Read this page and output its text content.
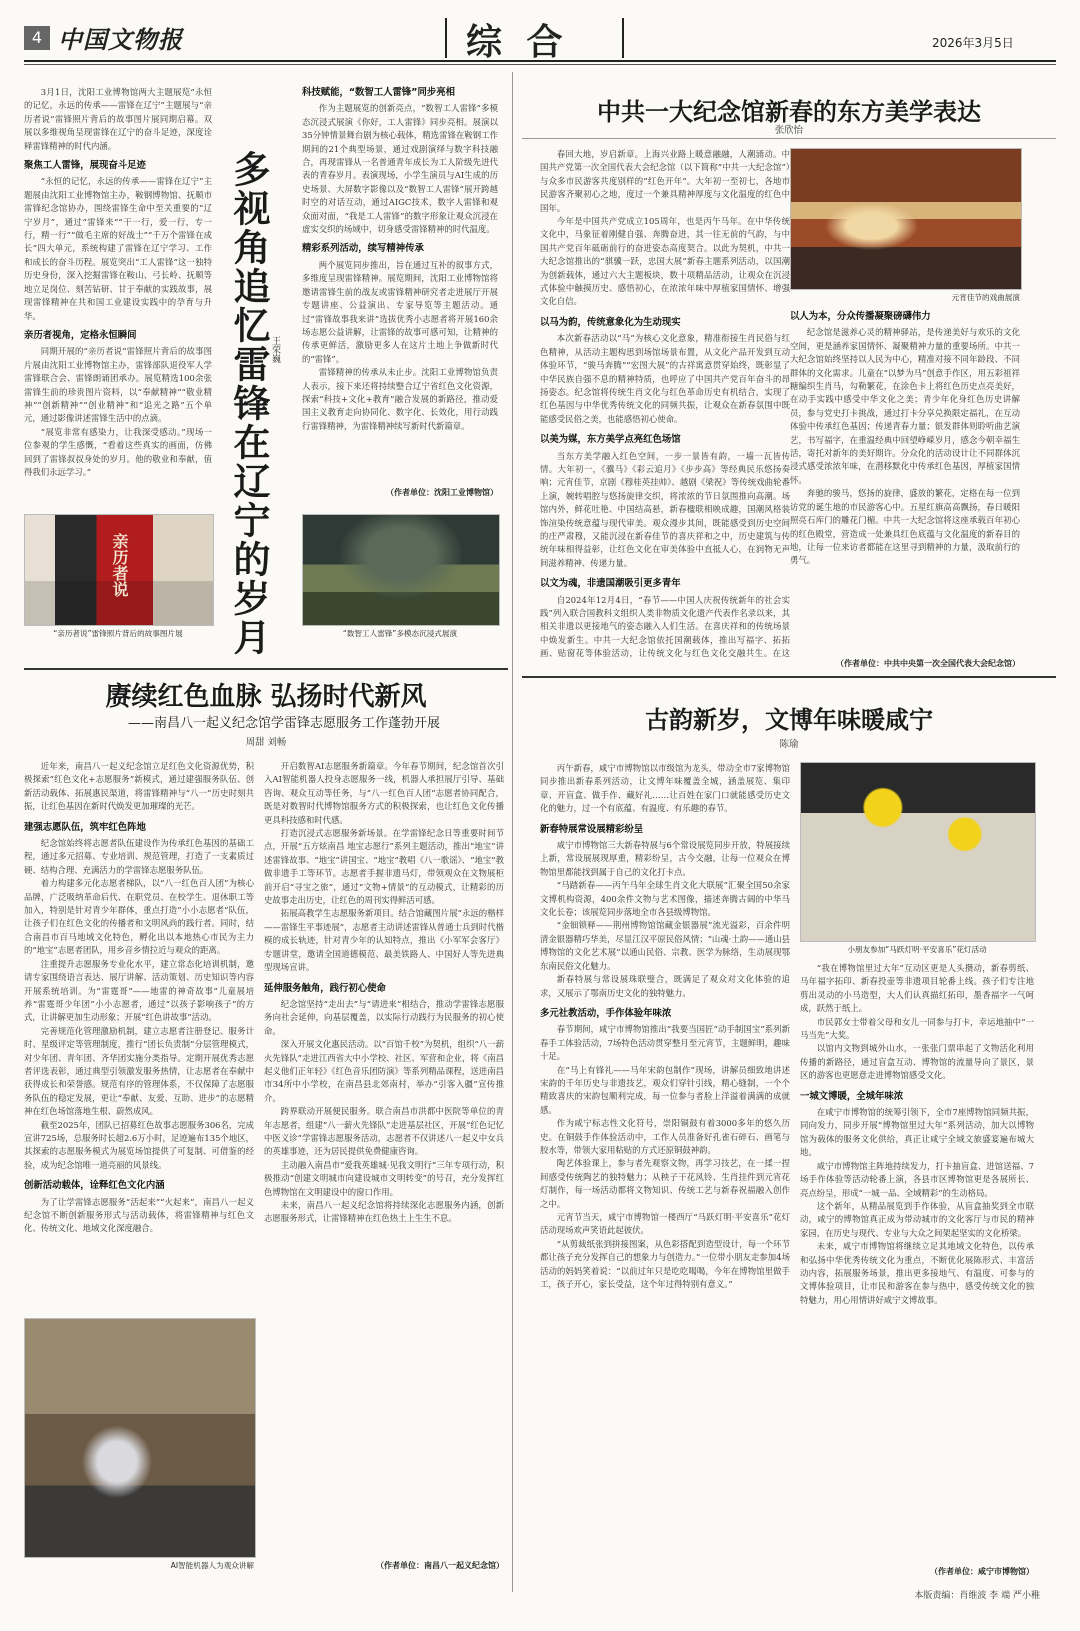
4 中国文物报	综 合	2026年3月5日

3月1日，沈阳工业博物馆两大主题展览“永恒的记忆，永远的传承——雷锋在辽宁”主题展与“亲历者说”雷锋照片背后的故事图片展同期启幕。双展以多维视角呈现雷锋在辽宁的奋斗足迹，深度诠释雷锋精神的时代内涵。

聚焦工人雷锋，展现奋斗足迹

“永恒的记忆，永远的传承——雷锋在辽宁”主题展由沈阳工业博物馆主办，鞍钢博物馆、抚顺市雷锋纪念馆协办，围绕雷锋生命中至关重要的“辽宁岁月”，通过“雷锋来”“干一行，爱一行，专一行，精一行”“做毛主席的好战士”“千万个雷锋在成长”四大单元，系统构建了雷锋在辽宁学习、工作和成长的奋斗历程。展览突出“工人雷锋”这一独特历史身份，深入挖掘雷锋在鞍山、弓长岭、抚顺等地立足岗位、刻苦钻研、甘于奉献的实践故事，展现雷锋精神在共和国工业建设实践中的孕育与升华。

亲历者视角，定格永恒瞬间

同期开展的“亲历者说”雷锋照片背后的故事图片展由沈阳工业博物馆主办，雷锋部队退役军人学雷锋联合会、雷锋朗诵团承办。展览精选100余张雷锋生前的珍贵图片资料，以“奉献精神”“敬业精神”“创新精神”“创业精神”和“追光之路”五个单元，通过影像讲述雷锋生活中的点滴。

“展览非常有感染力，让我深受感动。”现场一位参观的学生感慨，“看着这些真实的画面，仿佛回到了雷锋叔叔身处的岁月。他的敬业和奉献，值得我们永远学习。”	多视角追忆雷锋在辽宁的岁月 王荣巍
科技赋能，“数智工人雷锋”同步亮相

作为主题展览的创新亮点，“数智工人雷锋”多模态沉浸式展演《你好，工人雷锋》同步亮相。展演以35分钟情景舞台剧为核心载体，精选雷锋在鞍钢工作期间的21个典型场景，通过戏剧演绎与数字科技融合，再现雷锋从一名普通青年成长为工人阶级先进代表的青春岁月。表演现场，小学生演员与AI生成的历史场景、大屏数字影像以及“数智工人雷锋”展开跨越时空的对话互动，通过AIGC技术，数字人雷锋和观众面对面，“我是工人雷锋”的数字形象让观众沉浸在虚实交织的场域中，切身感受雷锋精神的时代温度。

精彩系列活动，续写精神传承

两个展览同步推出，旨在通过互补的叙事方式，多维度呈现雷锋精神。展览期间，沈阳工业博物馆将邀请雷锋生前的战友或雷锋精神研究者走进展厅开展专题讲座、公益演出、专家导览等主题活动。通过“雷锋故事我来讲”选拔优秀小志愿者将开展160余场志愿公益讲解，让雷锋的故事可感可知，让精神的传承更鲜活，激励更多人在这片土地上争做新时代的“雷锋”。

雷锋精神的传承从未止步。沈阳工业博物馆负责人表示，接下来还将持续整合辽宁省红色文化资源，探索“科技+文化+教育”融合发展的新路径，推动爱国主义教育走向协同化、数字化、长效化，用行动践行雷锋精神，为雷锋精神续写新时代新篇章。

（作者单位：沈阳工业博物馆）
亲历者说
“亲历者说”雷锋照片背后的故事图片展	“数智工人雷锋”多模态沉浸式展演
中共一大纪念馆新春的东方美学表达
张欣怡

春回大地，岁启新章。上海兴业路上暖意融融，人潮涌动。中国共产党第一次全国代表大会纪念馆（以下简称“中共一大纪念馆”）与众多市民游客共度别样的“红色开年”。大年初一至初七，各地市民游客齐聚初心之地，度过一个兼具精神厚度与文化温度的红色中国年。

今年是中国共产党成立105周年，也是丙午马年。在中华传统文化中，马象征着刚健自强、奔腾奋进，其一往无前的气韵，与中国共产党百年砥砺前行的奋进姿态高度契合。以此为契机，中共一大纪念馆推出的“骐骥一跃，忠国大展”新春主题系列活动，以国潮为创新载体，通过六大主题板块，数十项精品活动，让观众在沉浸式体验中触摸历史、感悟初心，在浓浓年味中厚植家国情怀、增强文化自信。

以马为韵，传统意象化为生动现实

本次新春活动以“马”为核心文化意象，精准衔接生肖民俗与红色精神，从活动主题构思到场馆场景布置，从文化产品开发到互动体验环节，“骏马奔腾”“宏图大展”的古祥寓意贯穿始终，既彰显了中华民族自强不息的精神特质，也呼应了中国共产党百年奋斗的昂扬姿态。纪念馆将传统生肖文化与红色革命历史有机结合，实现了红色基因与中华优秀传统文化的同频共振，让观众在新春氛围中既能感受民俗之美，也能感悟初心使命。

以美为媒，东方美学点亮红色场馆

当东方美学融入红色空间，一步一景皆有韵，一墙一瓦皆传情。大年初一，《骥马》《彩云追月》《步步高》等经典民乐悠扬奏响；元宵佳节，京剧《穆桂英挂帅》、越剧《梁祝》等传统戏曲轮番上演，婉转唱腔与悠扬旋律交织，将浓浓的节日氛围推向高潮。场馆内外，鲜花吐艳、中国结高悬，新春楹联相映成趣，国潮风格装饰渲染传统意蕴与现代审美。观众漫步其间，既能感受到历史空间的庄严肃穆，又能沉浸在新春佳节的喜庆祥和之中，历史建筑与传统年味相得益彰，让红色文化在审美体验中直抵人心，在润物无声间滋养精神、传递力量。

以文为魂，非遗国潮吸引更多青年

自2024年12月4日，“春节——中国人庆祝传统新年的社会实践”列入联合国教科文组织人类非物质文化遗产代表作名录以来，其相关非遗以更接地气的姿态融入人们生活。在喜庆祥和的传统场景中焕发新生。中共一大纪念馆依托国潮载体，推出写福字、拓拓画、贴窗花等体验活动，让传统文化与红色文化交融共生。在这

元宵佳节的戏曲展演
以人为本，分众传播凝聚磅礴伟力

纪念馆是滋养心灵的精神驿站，是传递美好与欢乐的文化空间，更是涵养家国情怀、凝聚精神力量的重要场所。中共一大纪念馆始终坚持以人民为中心，精准对接不同年龄段、不同群体的文化需求。儿童在“以梦为马”创意手作区，用五彩祖祥糖编织生肖马，勾勒繁花，在涂色卡上将红色历史点亮美好，在动手实践中感受中华文化之美；青少年化身红色历史讲解员，参与党史打卡挑战，通过打卡分享兑换限定福礼，在互动体验中传承红色基因；传递青春力量；银发群体则聆听曲艺演艺，书写福字，在重温经典中回望峥嵘岁月，感念今朝幸福生活，寄托对新年的美好期许。分众化的活动设计让不同群体沉浸式感受浓浓年味，在潜移默化中传承红色基因，厚植家国情怀。

奔驰的骏马，悠扬的旋律，盛放的繁花，定格在每一位到访党的诞生地的市民游客心中。五星红旗高高飘扬，春日暖阳照亮石库门的雕花门楣。中共一大纪念馆将这座承载百年初心的红色殿堂，营造成一处兼具红色底蕴与文化温度的新春目的地，让每一位来访者都能在这里寻到精神的力量，汲取前行的勇气。

（作者单位：中共中央第一次全国代表大会纪念馆）
赓续红色血脉 弘扬时代新风
——南昌八一起义纪念馆学雷锋志愿服务工作蓬勃开展
周甜 刘畅

近年来，南昌八一起义纪念馆立足红色文化资源优势，积极探索“红色文化+志愿服务”新模式，通过建强服务队伍、创新活动载体、拓展惠民渠道，将雷锋精神与“八一”历史时刻共振，让红色基因在新时代焕发更加璀璨的光芒。

建强志愿队伍，筑牢红色阵地

纪念馆始终将志愿者队伍建设作为传承红色基因的基础工程，通过多元招募、专业培训、规范管理，打造了一支素质过硬、结构合理、充满活力的学雷锋志愿服务队伍。

着力构建多元化志愿者梯队，以“八一红色百人团”为核心品牌，广泛吸纳革命后代、在职党员、在校学生、退休职工等加入，特别是针对青少年群体，重点打造“小小志愿者”队伍，让孩子们在红色文化的传播者和文明风尚的践行者。同时，结合南昌市百马地域文化特色，孵化出以本地热心市民为主力的“地宝”志愿者团队，用乡音乡情拉近与观众的距离。

注重提升志愿服务专业化水平，建立常态化培训机制，邀请专家围绕语言表达、展厅讲解、活动策划、历史知识等内容开展系统培训。为“雷霆哥”——地雷的神奇故事”儿童展培养“雷霆哥少年团”小小志愿者，通过“以孩子影响孩子”的方式，让讲解更加生动形象；开展“红色讲故事”活动。

完善规范化管理激励机制，建立志愿者注册登记、服务计时、星级评定等管理制度，推行“团长负责制”分层管理模式，对少年团、青年团、齐华团实施分类指导。定期开展优秀志愿者评选表彰，通过典型引领激发服务热情，让志愿者在奉献中获得成长和荣誉感。规范有序的管理体系，不仅保障了志愿服务队伍的稳定发展，更让“奉献、友爱、互助、进步”的志愿精神在红色场馆落地生根、蔚然成风。

截至2025年，团队已招募红色故事志愿服务306名，完成宣讲725场，总服务时长超2.6万小时，足迹遍布135个地区，其探索的志愿服务模式为展览场馆提供了可复制、可借鉴的经验，成为纪念馆唯一道亮丽的风景线。

创新活动载体，诠释红色文化内涵

为了让学雷锋志愿服务“活起来”“火起来”，南昌八一起义纪念馆不断创新服务形式与活动载体，将雷锋精神与红色文化、传统文化、地域文化深度融合。

AI智能机器人为观众讲解

开启数智AI志愿服务新篇章。今年春节期间，纪念馆首次引入AI智能机器人投身志愿服务一线，机器人承担展厅引导、基础咨询、观众互动等任务，与“八一红色百人团”志愿者协同配合，既是对数智时代博物馆服务方式的积极探索，也让红色文化传播更具科技感和时代感。

打造沉浸式志愿服务新场景。在学雷锋纪念日等重要时间节点，开展“五方炫南昌 地宝志愿行”系列主题活动，推出“地宝”讲述雷锋故事、“地宝”讲国宝、“地宝”教唱《八一歌谣》、“地宝”教做非遗手工等环节。志愿者手握非遗马灯，带领观众在文物展柜前开启“寻宝之旅”，通过“文物+情景”的互动模式，让精彩的历史故事走出历史，让红色的周刊实得鲜活可感。

拓展高教学生志愿服务新项目。结合馆藏图片展“永远的楷样——雷锋生平事迹展”，志愿者主动讲述雷锋从普通士兵到时代楷模的成长轨迹，针对青少年的认知特点，推出《小军军会客厅》专题讲堂，邀请全国道德模范、最美铁路人、中国好人等先进典型现场宣讲。

延伸服务触角，践行初心使命

纪念馆坚持“走出去”与“请进来”相结合，推动学雷锋志愿服务向社会延伸，向基层覆盖，以实际行动践行为民服务的初心使命。

深入开展文化惠民活动。以“百馆千校”为契机，组织“八一薪火先锋队”走进江西省大中小学校、社区、军营和企业，将《南昌起义他们正年轻》《红色音乐团防演》等系列精品课程，送进南昌市34所中小学校，在南昌县北郊南村，举办“引客入疆”宣传推介。

跨界联动开展便民服务。联合南昌市洪都中医院等单位的青年志愿者，组建“八一薪火先锋队”走进基层社区，开展“红色记忆 中医义诊”学雷锋志愿服务活动，志愿者不仅讲述八一起义中女兵的英雄事迹，还为居民提供免费健康咨询。

主动融入南昌市“爱我英雄城·见我文明行”三年专项行动，积极推动“创建文明城市向建设城市文明转变”的号召，充分发挥红色博物馆在文明建设中的窗口作用。

未来，南昌八一起义纪念馆将持续深化志愿服务内涵，创新志愿服务形式，让雷锋精神在红色热土上生生不息。

（作者单位：南昌八一起义纪念馆）
古韵新岁，文博年味暖咸宁
陈瑜

丙午新春，咸宁市博物馆以市级馆为龙头，带动全市7家博物馆同步推出新春系列活动，让文博年味覆盖全城，涵盖展览、集印章、开盲盒、做手作、藏好礼……让百姓在家门口就能感受历史文化的魅力，过一个有底蕴、有温度、有乐趣的春节。

新春特展常设展精彩纷呈

咸宁市博物馆三大新春特展与6个常设展览同步开放，特展接续上新，常设展展现厚重，精彩纷呈，古今交融，让每一位观众在博物馆里都能找到属于自己的文化打卡点。

“马踏新春——丙午马年全球生肖文化大联展”汇聚全国50余家文博机构资源，400余件文物与艺术图像，描述奔腾古阔的中华马文化长卷；该展览同步落地全市各县级博物馆。

“金钿锁释——荆州博物馆馆藏金银器展”流光溢彩，百余件明清金银器精巧华美，尽显江汉平原民俗风情；“山魂·土韵——通山县博物馆的文化艺术展”以通山民俗、宗教、医学为脉络，生动展现鄂东南民俗文化魅力。

新春特展与常设展珠联璧合，既满足了观众对文化体验的追求，又展示了鄂南历史文化的独特魅力。

多元社教活动，手作体验年味浓

春节期间，咸宁市博物馆推出“我要当国匠”动手制国宝”系列新春手工体验活动，7场特色活动贯穿整月至元宵节，主题鲜明，趣味十足。

在“马上有锋礼——马年宋韵包制作”现场，讲解员细致地讲述宋韵的千年历史与非遗技艺，观众们穿针引线，精心缝制，一个个精致喜庆的宋韵包顺利完成，每一位参与者脸上洋溢着满满的成就感。

作为咸宁标志性文化符号，崇阳铜鼓有着3000多年的悠久历史。在铜鼓手作体验活动中，工作人员准备好孔雀石碎石、画笔与胶水等，带领大家用粘贴的方式还原铜鼓神韵。

陶艺体验课上，参与者先观察文物，再学习技艺，在一揉一捏间感受传统陶艺的独特魅力；从秧子干花风铃、生肖挂件到元宵花灯制作，每一场活动都将文物知识、传统工艺与新春祝福融入创作之中。

元宵节当天，咸宁市博物馆一楼西厅“马跃灯明·平安喜乐”花灯活动现场欢声笑语此起彼伏。

“从剪裁纸张到拼接图案，从色彩搭配到造型设计，每一个环节都让孩子充分发挥自己的想象力与创造力。”一位带小朋友走参加4场活动的妈妈笑着说：“以前过年只是吃吃喝喝，今年在博物馆里做手工，孩子开心，家长受益，这个年过得特别有意义。”

小朋友参加“马跃灯明·平安喜乐”花灯活动

“我在博物馆里过大年”互动区更是人头攒动，新春剪纸、马年福字拓印、新春投壶等非遗项目轮番上线。孩子们专注地剪出灵动的小马造型，大人们认真描红拓印，墨香福字一气呵成，跃然于纸上。

市民郭女士带着父母和女儿一同参与打卡，幸运地抽中“一马当先”大奖。

以馆内文物到城外山水，一张张门票串起了文物活化利用传播的新路径，通过盲盒互动、博物馆的流量导向了景区，景区的游客也更愿意走进博物馆感受文化。

一城文博暖，全城年味浓

在咸宁市博物馆的统筹引领下，全市7座博物馆同频共振，同向发力，同步开展“博物馆里过大年”系列活动，加大以博物馆为载体的服务文化供给，真正让咸宁全域文旅盛宴遍布城大地。

咸宁市博物馆主阵地持续发力，打卡抽盲盒、进馆送福、7场手作体验等活动轮番上演，各县市区博物馆更是各展所长、亮点纷呈，形成“一城一品、全域精彩”的生动格局。

这个新年，从精品展览到手作体验，从盲盒抽奖到全市联动，咸宁的博物馆真正成为带动城市的文化客厅与市民的精神家园，在历史与现代、专业与大众之间架起坚实的文化桥梁。

未来，咸宁市博物馆将继续立足其地域文化特色，以传承和弘扬中华优秀传统文化为重点，不断优化展陈形式、丰富活动内容，拓展服务场景，推出更多接地气、有温度、可参与的文博体验项目，让市民和游客在参与热中，感受传统文化的独特魅力，用心用情讲好咸宁文博故事。

（作者单位：咸宁市博物馆）
本版责编：肖维波 李 端 严小稚
